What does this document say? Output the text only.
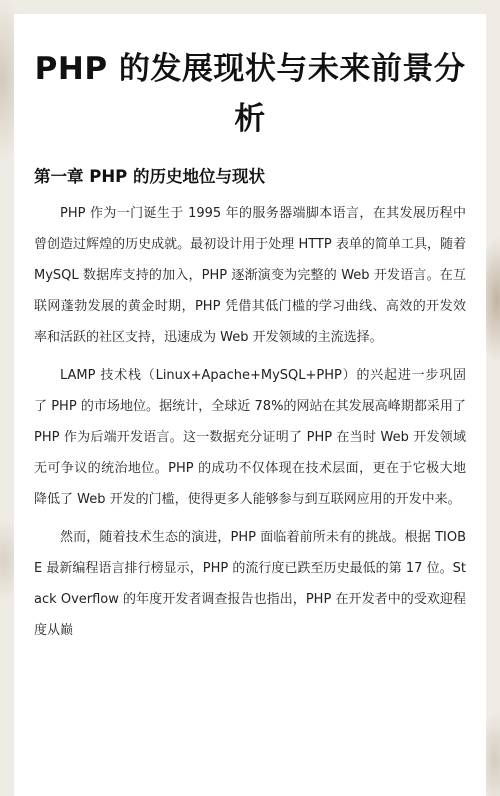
PHP 的发展现状与未来前景分析
第一章 PHP 的历史地位与现状

PHP 作为一门诞生于 1995 年的服务器端脚本语言，在其发展历程中曾创造过辉煌的历史成就。最初设计用于处理 HTTP 表单的简单工具，随着 MySQL 数据库支持的加入，PHP 逐渐演变为完整的 Web 开发语言。在互联网蓬勃发展的黄金时期，PHP 凭借其低门槛的学习曲线、高效的开发效率和活跃的社区支持，迅速成为 Web 开发领域的主流选择。

LAMP 技术栈（Linux+Apache+MySQL+PHP）的兴起进一步巩固了 PHP 的市场地位。据统计，全球近 78%的网站在其发展高峰期都采用了 PHP 作为后端开发语言。这一数据充分证明了 PHP 在当时 Web 开发领域无可争议的统治地位。PHP 的成功不仅体现在技术层面，更在于它极大地降低了 Web 开发的门槛，使得更多人能够参与到互联网应用的开发中来。

然而，随着技术生态的演进，PHP 面临着前所未有的挑战。根据 TIOBE 最新编程语言排行榜显示，PHP 的流行度已跌至历史最低的第 17 位。Stack Overflow 的年度开发者调查报告也指出，PHP 在开发者中的受欢迎程度从巅
